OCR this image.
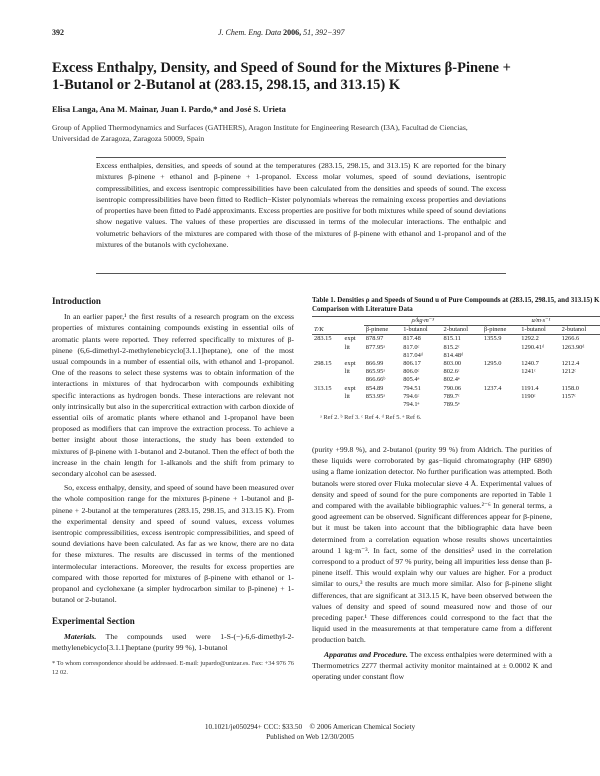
392	J. Chem. Eng. Data 2006, 51, 392−397
Excess Enthalpy, Density, and Speed of Sound for the Mixtures β-Pinene + 1-Butanol or 2-Butanol at (283.15, 298.15, and 313.15) K
Elisa Langa, Ana M. Mainar, Juan I. Pardo,* and José S. Urieta
Group of Applied Thermodynamics and Surfaces (GATHERS), Aragon Institute for Engineering Research (I3A), Facultad de Ciencias, Universidad de Zaragoza, Zaragoza 50009, Spain
Excess enthalpies, densities, and speeds of sound at the temperatures (283.15, 298.15, and 313.15) K are reported for the binary mixtures β-pinene + ethanol and β-pinene + 1-propanol. Excess molar volumes, speed of sound deviations, isentropic compressibilities, and excess isentropic compressibilities have been calculated from the densities and speeds of sound. The excess isentropic compressibilities have been fitted to Redlich−Kister polynomials whereas the remaining excess properties and deviations of properties have been fitted to Padé approximants. Excess properties are positive for both mixtures while speed of sound deviations show negative values. The values of these properties are discussed in terms of the molecular interactions. The enthalpic and volumetric behaviors of the mixtures are compared with those of the mixtures of β-pinene with ethanol and 1-propanol and of the mixtures of the butanols with cyclohexane.
Introduction

In an earlier paper,¹ the first results of a research program on the excess properties of mixtures containing compounds existing in essential oils of aromatic plants were reported. They referred specifically to mixtures of β-pinene (6,6-dimethyl-2-methylenebicyclo[3.1.1]heptane), one of the most usual compounds in a number of essential oils, with ethanol and 1-propanol. One of the reasons to select these systems was to obtain information of the interactions in mixtures of that hydrocarbon with compounds exhibiting specific interactions as hydrogen bonds. These interactions are relevant not only intrinsically but also in the supercritical extraction with carbon dioxide of essential oils of aromatic plants where ethanol and 1-propanol have been proposed as modifiers that can improve the extraction process. To achieve a better insight about those interactions, the study has been extended to mixtures of β-pinene with 1-butanol and 2-butanol. Then the effect of both the increase in the chain length for 1-alkanols and the shift from primary to secondary alcohol can be asessed.

So, excess enthalpy, density, and speed of sound have been measured over the whole composition range for the mixtures β-pinene + 1-butanol and β-pinene + 2-butanol at the temperatures (283.15, 298.15, and 313.15 K). From the experimental density and speed of sound values, excess volumes isentropic compressibilities, excess isentropic compressibilities, and speed of sound deviations have been calculated. As far as we know, there are no data for these mixtures. The results are discussed in terms of the mentioned intermolecular interactions. Moreover, the results for excess properties are compared with those reported for mixtures of β-pinene with ethanol or 1-propanol and cyclohexane (a simpler hydrocarbon similar to β-pinene) + 1-butanol or 2-butanol.

Experimental Section

Materials. The compounds used were 1-S-(−)-6,6-dimethyl-2-methylenebicyclo[3.1.1]heptane (purity 99 %), 1-butanol

* To whom correspondence should be addressed. E-mail: jupardo@unizar.es. Fax: +34 976 76 12 02.
Table 1. Densities ρ and Speeds of Sound u of Pure Compounds at (283.15, 298.15, and 313.15) K Comparison with Literature Data
		ρ/kg·m⁻³			u/m·s⁻¹		
T/K		β-pinene	1-butanol	2-butanol	β-pinene	1-butanol	2-butanol
283.15	expt	878.97	817.48	815.11	1355.9	1292.2	1266.6
	lit	877.95ᵃ	817.0ᶜ	815.2ᶜ		1290.41ᵈ	1263.90ᵈ
			817.04ᵈ	814.48ᵈ			
298.15	expt	866.99	806.17	803.00	1295.0	1240.7	1212.4
	lit	865.95ᵃ	806.0ᶜ	802.6ᶜ		1241ᶜ	1212ᶜ
		866.66ᵇ	805.4ᵉ	802.4ᵉ			
313.15	expt	854.89	794.51	790.06	1237.4	1191.4	1158.0
	lit	853.95ᵃ	794.6ᶜ	789.7ᶜ		1190ᶜ	1157ᶜ
			794.1ᵉ	789.5ᵉ			
ᵃ Ref 2. ᵇ Ref 3. ᶜ Ref 4. ᵈ Ref 5. ᵉ Ref 6.

(purity +99.8 %), and 2-butanol (purity 99 %) from Aldrich. The purities of these liquids were corroborated by gas−liquid chromatography (HP 6890) using a flame ionization detector. No further purification was attempted. Both butanols were stored over Fluka molecular sieve 4 Å. Experimental values of density and speed of sound for the pure components are reported in Table 1 and compared with the available bibliographic values.²⁻⁶ In general terms, a good agreement can be observed. Significant differences appear for β-pinene, but it must be taken into account that the bibliographic data have been determined from a correlation equation whose results shows uncertainties around 1 kg·m⁻³. In fact, some of the densities² used in the correlation correspond to a product of 97 % purity, being all impurities less dense than β-pinene itself. This would explain why our values are higher. For a product similar to ours,³ the results are much more similar. Also for β-pinene slight differences, that are significant at 313.15 K, have been observed between the values of density and speed of sound measured now and those of our preceding paper.¹ These differences could correspond to the fact that the liquid used in the measurements at that temperature came from a different production batch.

Apparatus and Procedure. The excess enthalpies were determined with a Thermometrics 2277 thermal activity monitor maintained at ± 0.0002 K and operating under constant flow

10.1021/je050294+ CCC: $33.50    © 2006 American Chemical Society
Published on Web 12/30/2005
